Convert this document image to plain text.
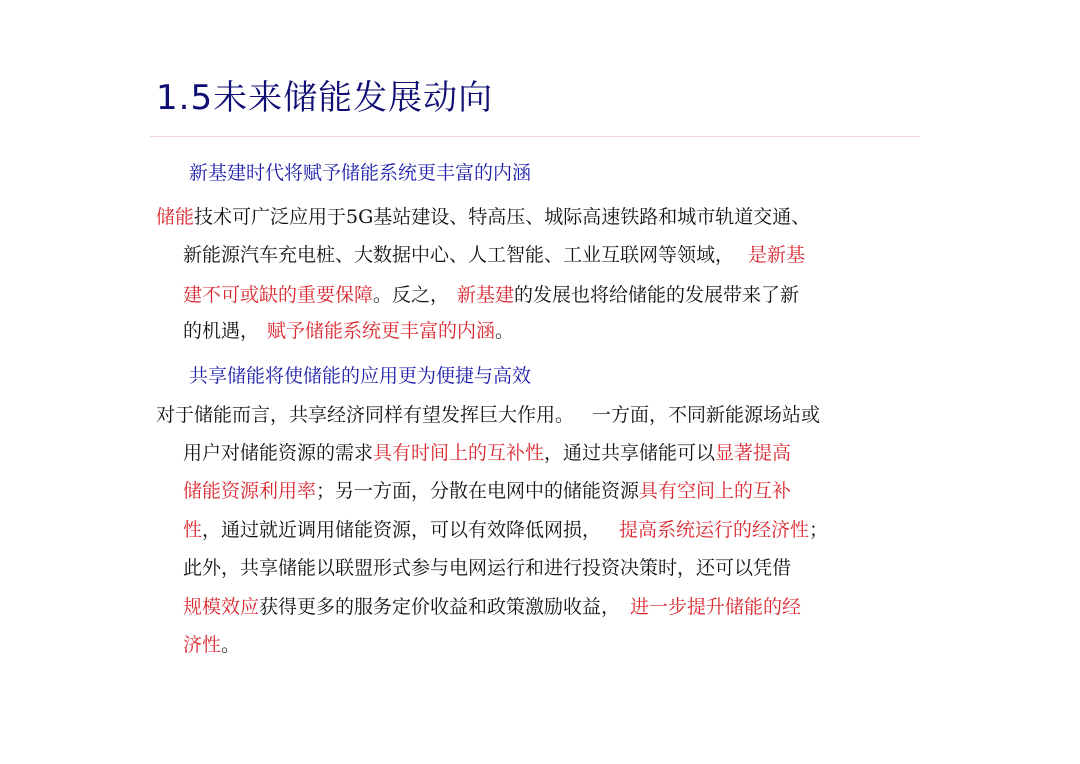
1.5未来储能发展动向
新基建时代将赋予储能系统更丰富的内涵
储能技术可广泛应用于5G基站建设、特高压、城际高速铁路和城市轨道交通、
新能源汽车充电桩、大数据中心、人工智能、工业互联网等领域， 是新基
建不可或缺的重要保障。反之， 新基建的发展也将给储能的发展带来了新
的机遇， 赋予储能系统更丰富的内涵。
共享储能将使储能的应用更为便捷与高效
对于储能而言，共享经济同样有望发挥巨大作用。 一方面，不同新能源场站或
用户对储能资源的需求具有时间上的互补性，通过共享储能可以显著提高
储能资源利用率；另一方面，分散在电网中的储能资源具有空间上的互补
性，通过就近调用储能资源，可以有效降低网损， 提高系统运行的经济性；
此外，共享储能以联盟形式参与电网运行和进行投资决策时，还可以凭借
规模效应获得更多的服务定价收益和政策激励收益， 进一步提升储能的经
济性。
